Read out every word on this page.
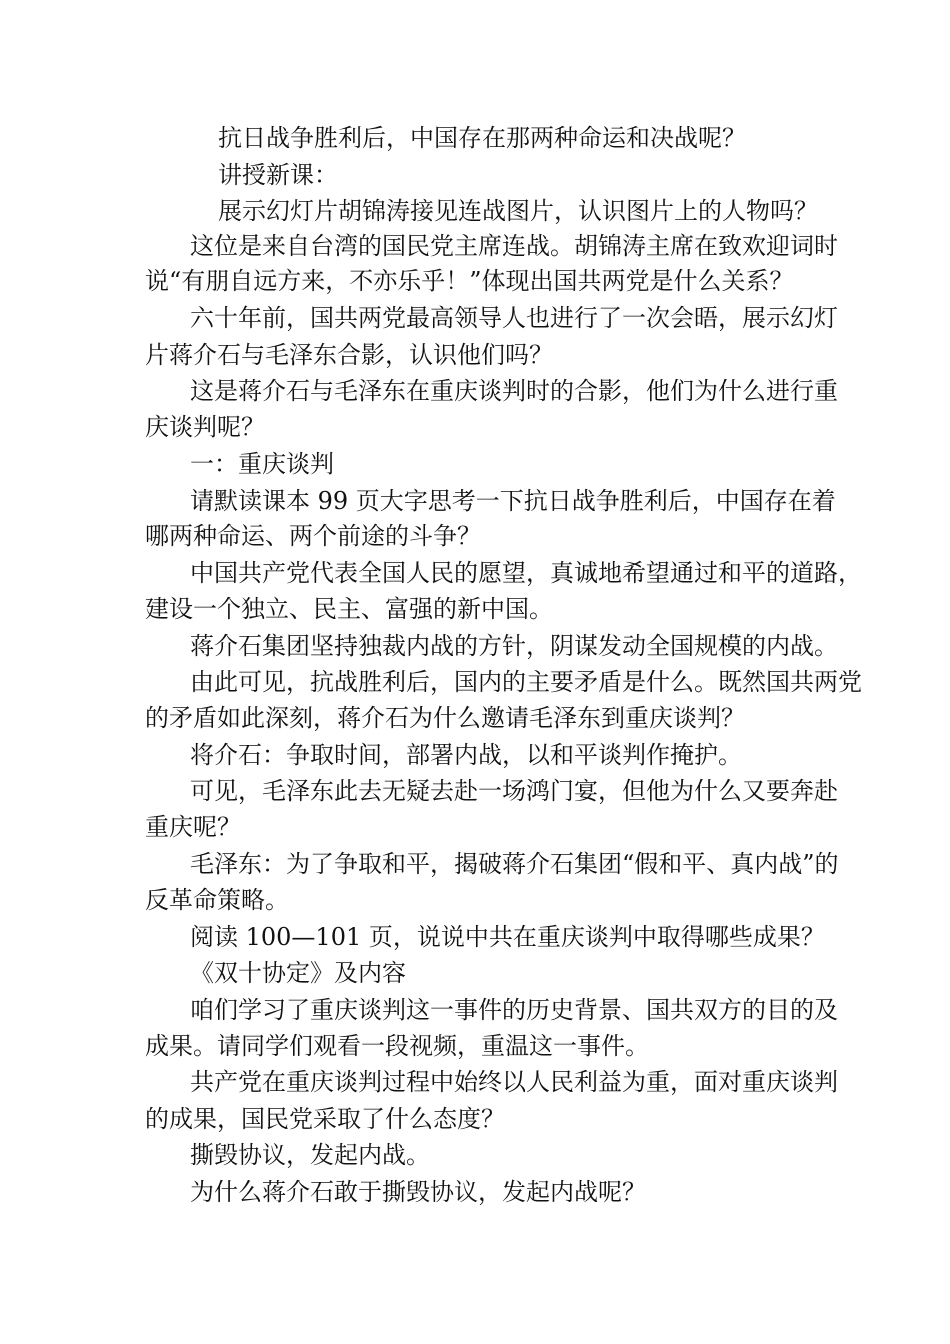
抗日战争胜利后，中国存在那两种命运和决战呢？
讲授新课：
展示幻灯片胡锦涛接见连战图片，认识图片上的人物吗？
这位是来自台湾的国民党主席连战。胡锦涛主席在致欢迎词时
说“有朋自远方来，不亦乐乎！”体现出国共两党是什么关系？
六十年前，国共两党最高领导人也进行了一次会晤，展示幻灯
片蒋介石与毛泽东合影，认识他们吗？
这是蒋介石与毛泽东在重庆谈判时的合影，他们为什么进行重
庆谈判呢？
一：重庆谈判
请默读课本 99 页大字思考一下抗日战争胜利后，中国存在着
哪两种命运、两个前途的斗争？
中国共产党代表全国人民的愿望，真诚地希望通过和平的道路，
建设一个独立、民主、富强的新中国。
蒋介石集团坚持独裁内战的方针，阴谋发动全国规模的内战。
由此可见，抗战胜利后，国内的主要矛盾是什么。既然国共两党
的矛盾如此深刻，蒋介石为什么邀请毛泽东到重庆谈判？
将介石：争取时间，部署内战，以和平谈判作掩护。
可见，毛泽东此去无疑去赴一场鸿门宴，但他为什么又要奔赴
重庆呢？
毛泽东：为了争取和平，揭破蒋介石集团“假和平、真内战”的
反革命策略。
阅读 100—101 页，说说中共在重庆谈判中取得哪些成果？
《双十协定》及内容
咱们学习了重庆谈判这一事件的历史背景、国共双方的目的及
成果。请同学们观看一段视频，重温这一事件。
共产党在重庆谈判过程中始终以人民利益为重，面对重庆谈判
的成果，国民党采取了什么态度？
撕毁协议，发起内战。
为什么蒋介石敢于撕毁协议，发起内战呢？
